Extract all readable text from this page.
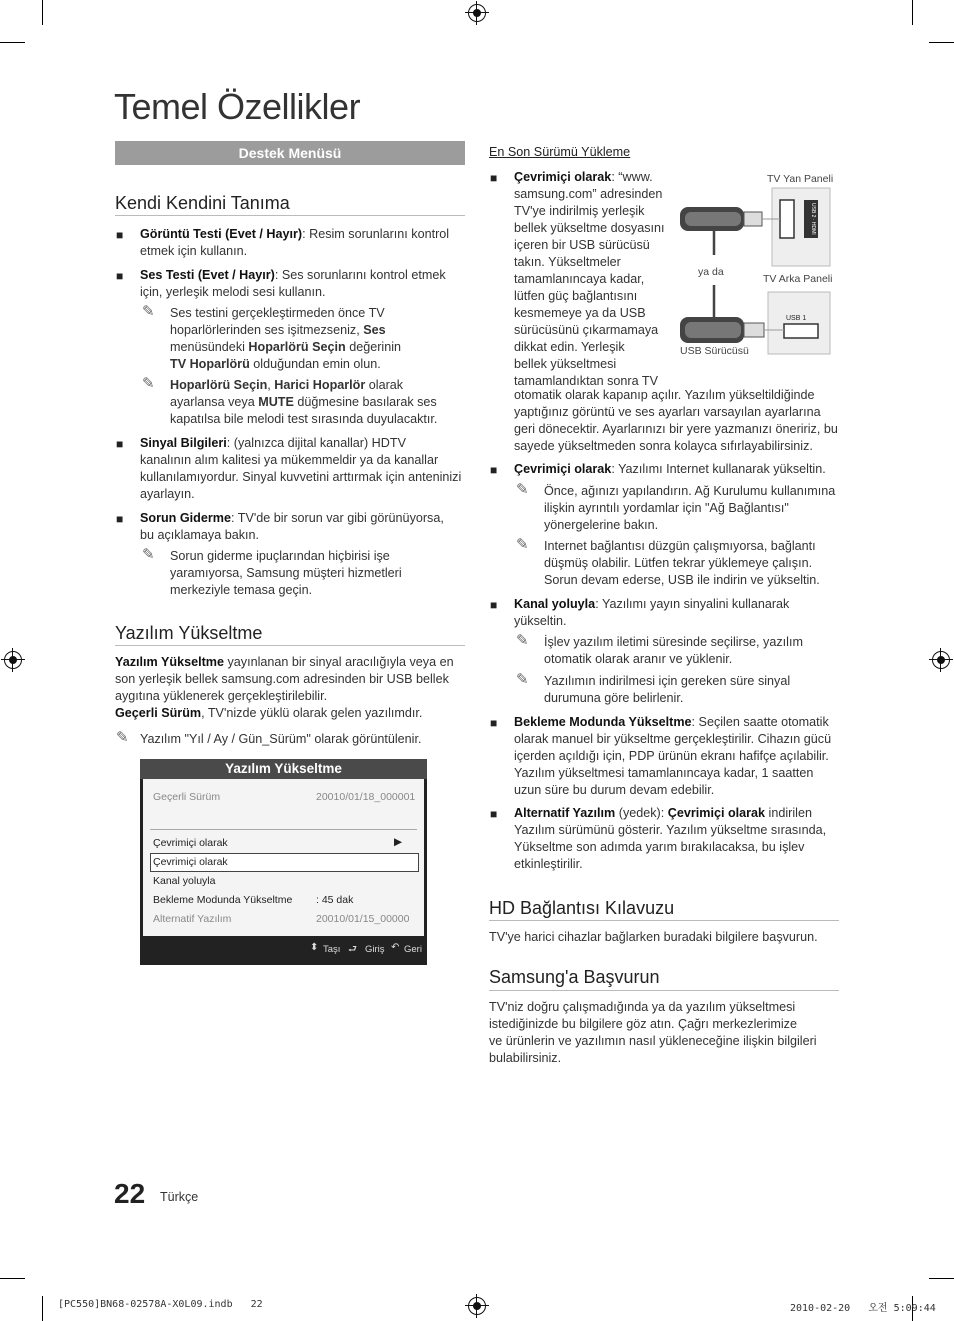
Temel Özellikler
Destek Menüsü
Kendi Kendini Tanıma
■ Görüntü Testi (Evet / Hayır): Resim sorunlarını kontrol
etmek için kullanın.
■ Ses Testi (Evet / Hayır): Ses sorunlarını kontrol etmek
için, yerleşik melodi sesi kullanın.
✎ Ses testini gerçekleştirmeden önce TV
hoparlörlerinden ses işitmezseniz, Ses
menüsündeki Hoparlörü Seçin değerinin
TV Hoparlörü olduğundan emin olun.
✎ Hoparlörü Seçin, Harici Hoparlör olarak
ayarlansa veya MUTE düğmesine basılarak ses
kapatılsa bile melodi test sırasında duyulacaktır.
■ Sinyal Bilgileri: (yalnızca dijital kanallar) HDTV
kanalının alım kalitesi ya mükemmeldir ya da kanallar
kullanılamıyordur. Sinyal kuvvetini arttırmak için anteninizi
ayarlayın.
■ Sorun Giderme: TV'de bir sorun var gibi görünüyorsa,
bu açıklamaya bakın.
✎ Sorun giderme ipuçlarından hiçbirisi işe
yaramıyorsa, Samsung müşteri hizmetleri
merkeziyle temasa geçin.
Yazılım Yükseltme
Yazılım Yükseltme yayınlanan bir sinyal aracılığıyla veya en
son yerleşik bellek samsung.com adresinden bir USB bellek
aygıtına yüklenerek gerçekleştirilebilir.
Geçerli Sürüm, TV'nizde yüklü olarak gelen yazılımdır.
✎ Yazılım "Yıl / Ay / Gün_Sürüm" olarak görüntülenir.
Yazılım Yükseltme
Geçerli Sürüm	20010/01/18_000001
Çevrimiçi olarak	▶
Çevrimiçi olarak
Kanal yoluyla
Bekleme Modunda Yükseltme : 45 dak
Alternatif Yazılım	20010/01/15_00000
⬍ Taşı ⮐ Giriş ↶ Geri
En Son Sürümü Yükleme
■ Çevrimiçi olarak: “www.
samsung.com” adresinden
TV'ye indirilmiş yerleşik
bellek yükseltme dosyasını
içeren bir USB sürücüsü
takın. Yükseltmeler
tamamlanıncaya kadar,
lütfen güç bağlantısını
kesmemeye ya da USB
sürücüsünü çıkarmamaya
dikkat edin. Yerleşik
bellek yükseltmesi
tamamlandıktan sonra TV
otomatik olarak kapanıp açılır. Yazılım yükseltildiğinde
yaptığınız görüntü ve ses ayarları varsayılan ayarlarına
geri dönecektir. Ayarlarınızı bir yere yazmanızı öneririz, bu
sayede yükseltmeden sonra kolayca sıfırlayabilirsiniz.
TV Yan Paneli
USB 2 · HDMI
ya da
TV Arka Paneli
USB 1
USB Sürücüsü
■ Çevrimiçi olarak: Yazılımı Internet kullanarak yükseltin.
✎ Önce, ağınızı yapılandırın. Ağ Kurulumu kullanımına
ilişkin ayrıntılı yordamlar için "Ağ Bağlantısı"
yönergelerine bakın.
✎ Internet bağlantısı düzgün çalışmıyorsa, bağlantı
düşmüş olabilir. Lütfen tekrar yüklemeye çalışın.
Sorun devam ederse, USB ile indirin ve yükseltin.
■ Kanal yoluyla: Yazılımı yayın sinyalini kullanarak
yükseltin.
✎ İşlev yazılım iletimi süresinde seçilirse, yazılım
otomatik olarak aranır ve yüklenir.
✎ Yazılımın indirilmesi için gereken süre sinyal
durumuna göre belirlenir.
■ Bekleme Modunda Yükseltme: Seçilen saatte otomatik
olarak manuel bir yükseltme gerçekleştirilir. Cihazın gücü
içerden açıldığı için, PDP ürünün ekranı hafifçe açılabilir.
Yazılım yükseltmesi tamamlanıncaya kadar, 1 saatten
uzun süre bu durum devam edebilir.
■ Alternatif Yazılım (yedek): Çevrimiçi olarak indirilen
Yazılım sürümünü gösterir. Yazılım yükseltme sırasında,
Yükseltme son adımda yarım bırakılacaksa, bu işlev
etkinleştirilir.
HD Bağlantısı Kılavuzu
TV'ye harici cihazlar bağlarken buradaki bilgilere başvurun.
Samsung'a Başvurun
TV'niz doğru çalışmadığında ya da yazılım yükseltmesi
istediğinizde bu bilgilere göz atın. Çağrı merkezlerimize
ve ürünlerin ve yazılımın nasıl yükleneceğine ilişkin bilgileri
bulabilirsiniz.
22 Türkçe
[PC550]BN68-02578A-X0L09.indb   22	2010-02-20   오전 5:09:44
